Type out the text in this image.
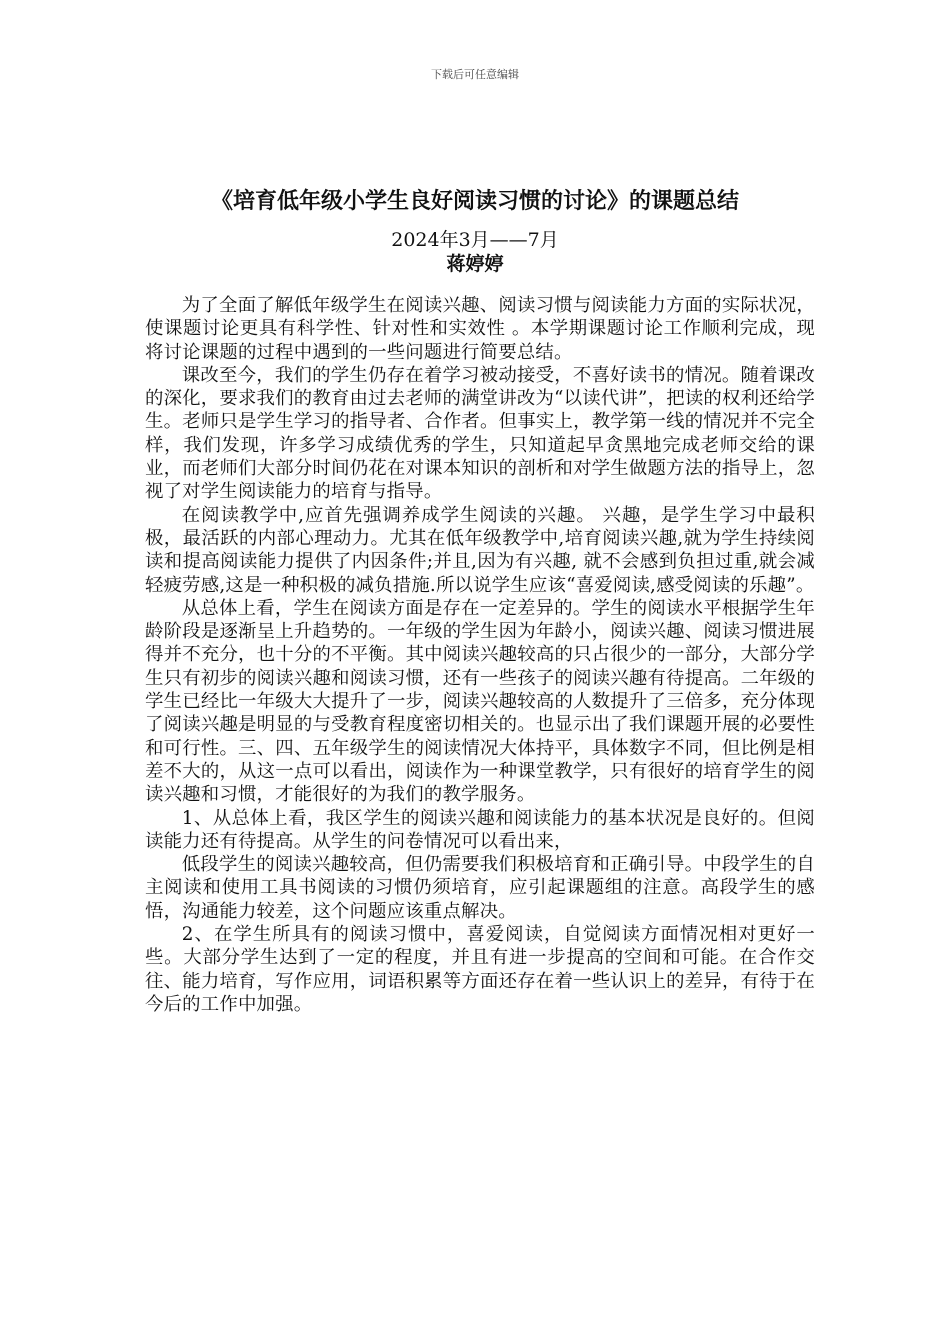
下载后可任意编辑
《培育低年级小学生良好阅读习惯的讨论》的课题总结
2024年3月——7月
蒋婷婷

为了全面了解低年级学生在阅读兴趣、阅读习惯与阅读能力方面的实际状况，使课题讨论更具有科学性、针对性和实效性 。本学期课题讨论工作顺利完成，现将讨论课题的过程中遇到的一些问题进行简要总结。

课改至今，我们的学生仍存在着学习被动接受，不喜好读书的情况。随着课改的深化，要求我们的教育由过去老师的满堂讲改为“以读代讲”，把读的权利还给学生。老师只是学生学习的指导者、合作者。但事实上，教学第一线的情况并不完全样，我们发现，许多学习成绩优秀的学生，只知道起早贪黑地完成老师交给的课业，而老师们大部分时间仍花在对课本知识的剖析和对学生做题方法的指导上，忽视了对学生阅读能力的培育与指导。

在阅读教学中,应首先强调养成学生阅读的兴趣。 兴趣，是学生学习中最积极，最活跃的内部心理动力。尤其在低年级教学中,培育阅读兴趣,就为学生持续阅读和提高阅读能力提供了内因条件;并且,因为有兴趣, 就不会感到负担过重,就会减轻疲劳感,这是一种积极的减负措施.所以说学生应该“喜爱阅读,感受阅读的乐趣”。

从总体上看，学生在阅读方面是存在一定差异的。学生的阅读水平根据学生年龄阶段是逐渐呈上升趋势的。一年级的学生因为年龄小，阅读兴趣、阅读习惯进展得并不充分，也十分的不平衡。其中阅读兴趣较高的只占很少的一部分，大部分学生只有初步的阅读兴趣和阅读习惯，还有一些孩子的阅读兴趣有待提高。二年级的学生已经比一年级大大提升了一步，阅读兴趣较高的人数提升了三倍多，充分体现了阅读兴趣是明显的与受教育程度密切相关的。也显示出了我们课题开展的必要性和可行性。三、四、五年级学生的阅读情况大体持平，具体数字不同，但比例是相差不大的，从这一点可以看出，阅读作为一种课堂教学，只有很好的培育学生的阅读兴趣和习惯，才能很好的为我们的教学服务。

1、从总体上看，我区学生的阅读兴趣和阅读能力的基本状况是良好的。但阅读能力还有待提高。从学生的问卷情况可以看出来，

低段学生的阅读兴趣较高，但仍需要我们积极培育和正确引导。中段学生的自主阅读和使用工具书阅读的习惯仍须培育，应引起课题组的注意。高段学生的感悟，沟通能力较差，这个问题应该重点解决。

2、在学生所具有的阅读习惯中，喜爱阅读，自觉阅读方面情况相对更好一些。大部分学生达到了一定的程度，并且有进一步提高的空间和可能。在合作交往、能力培育，写作应用，词语积累等方面还存在着一些认识上的差异，有待于在今后的工作中加强。
